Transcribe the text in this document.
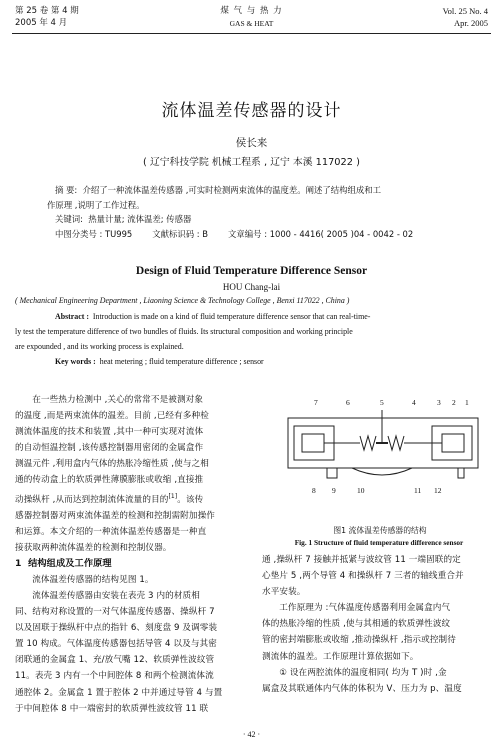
第 25 卷 第 4 期
2005 年 4 月
煤 气 与 热 力
GAS & HEAT
Vol. 25 No. 4
Apr. 2005
流体温差传感器的设计
侯长来
( 辽宁科技学院 机械工程系 , 辽宁 本溪 117022 )
摘 要: 介绍了一种流体温差传感器 ,可实时检测两束流体的温度差。阐述了结构组成和工
作原理 ,说明了工作过程。
关键词: 热量计量; 流体温差; 传感器
中图分类号 : TU995 文献标识码 : B 文章编号 : 1000 - 4416( 2005 )04 - 0042 - 02
Design of Fluid Temperature Difference Sensor
HOU Chang-lai
( Mechanical Engineering Department , Liaoning Science & Technology College , Benxi 117022 , China )
Abstract : Introduction is made on a kind of fluid temperature difference sensor that can real-time-
ly test the temperature difference of two bundles of fluids. Its structural composition and working principle
are expounded , and its working process is explained.
Key words : heat metering ; fluid temperature difference ; sensor

在一些热力检测中 ,关心的常常不是被测对象

的温度 ,而是两束流体的温差。目前 ,已经有多种检

测流体温度的技术和装置 ,其中一种可实现对流体

的自动恒温控制 ,该传感控制器用密闭的金属盒作

测温元件 ,利用盒内气体的热胀冷缩性质 ,使与之相

通的传动盒上的软质弹性薄膜膨胀或收缩 ,直接推

动操纵杆 ,从而达到控制流体流量的目的[1]。该传

感器控制器对两束流体温差的检测和控制需附加操作

和运算。本文介绍的一种流体温差传感器是一种直

接获取两种流体温差的检测和控制仪器。

1 结构组成及工作原理

流体温差传感器的结构见图 1。

流体温差传感器由安装在表壳 3 内的材质相

同、结构对称设置的一对气体温度传感器、操纵杆 7

以及固联于操纵杆中点的指针 6、刻度盘 9 及调零装

置 10 构成。气体温度传感器包括导管 4 以及与其密

闭联通的金属盒 1、充/放气嘴 12、软质弹性波纹管

11。表壳 3 内有一个中间腔体 8 和两个检测流体流

通腔体 2。金属盒 1 置于腔体 2 中并通过导管 4 与置

于中间腔体 8 中一端密封的软质弹性波纹管 11 联

7	6	5	4	3 2 1
8 9	10	11 12
图1 流体温差传感器的结构
Fig. 1 Structure of fluid temperature difference sensor

通 ,操纵杆 7 接触并抵紧与波纹管 11 一端固联的定

心垫片 5 ,两个导管 4 和操纵杆 7 三者的轴线重合并

水平安装。

工作原理为 :气体温度传感器利用金属盒内气

体的热胀冷缩的性质 ,使与其相通的软质弹性波纹

管的密封端膨胀或收缩 ,推动操纵杆 ,指示或控制待

测流体的温差。工作原理计算依据如下。

① 设在两腔流体的温度相同( 均为 T )时 ,金

属盒及其联通体内气体的体积为 V、压力为 p、温度

· 42 ·
